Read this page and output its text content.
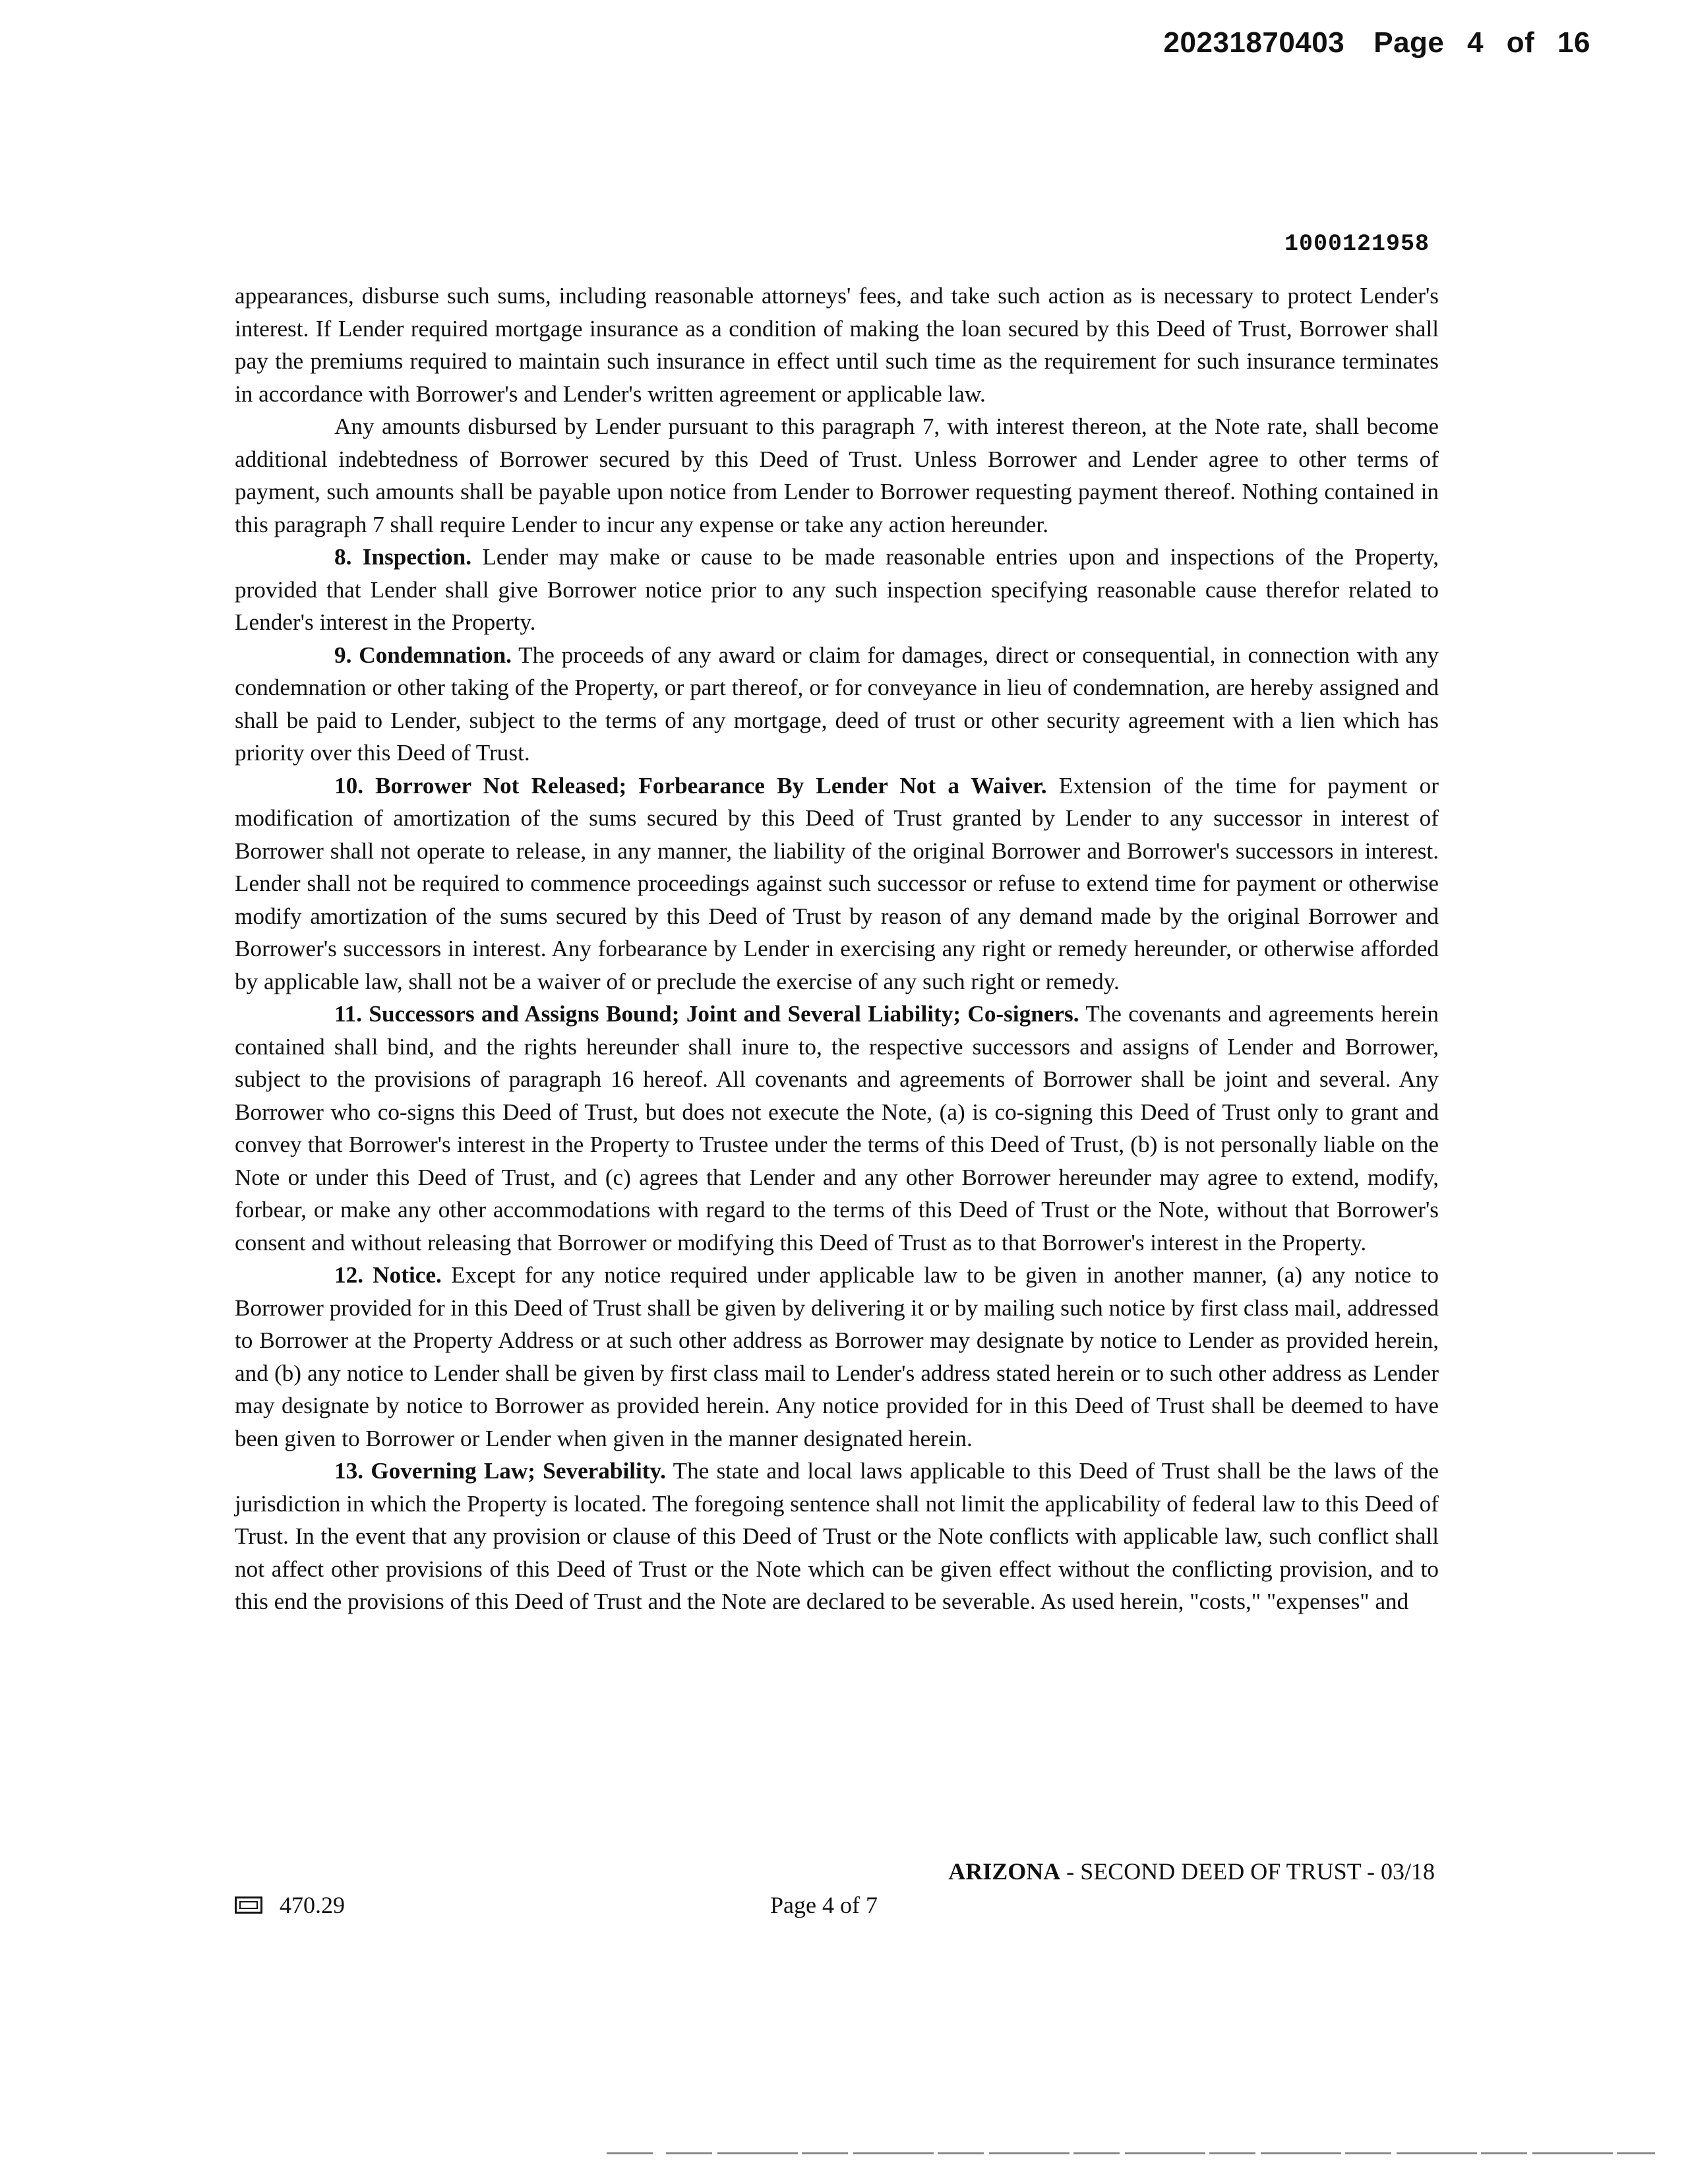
20231870403 Page 4 of 16
1000121958

appearances, disburse such sums, including reasonable attorneys' fees, and take such action as is necessary to protect Lender's interest. If Lender required mortgage insurance as a condition of making the loan secured by this Deed of Trust, Borrower shall pay the premiums required to maintain such insurance in effect until such time as the requirement for such insurance terminates in accordance with Borrower's and Lender's written agreement or applicable law.

Any amounts disbursed by Lender pursuant to this paragraph 7, with interest thereon, at the Note rate, shall become additional indebtedness of Borrower secured by this Deed of Trust. Unless Borrower and Lender agree to other terms of payment, such amounts shall be payable upon notice from Lender to Borrower requesting payment thereof. Nothing contained in this paragraph 7 shall require Lender to incur any expense or take any action hereunder.

8. Inspection. Lender may make or cause to be made reasonable entries upon and inspections of the Property, provided that Lender shall give Borrower notice prior to any such inspection specifying reasonable cause therefor related to Lender's interest in the Property.

9. Condemnation. The proceeds of any award or claim for damages, direct or consequential, in connection with any condemnation or other taking of the Property, or part thereof, or for conveyance in lieu of condemnation, are hereby assigned and shall be paid to Lender, subject to the terms of any mortgage, deed of trust or other security agreement with a lien which has priority over this Deed of Trust.

10. Borrower Not Released; Forbearance By Lender Not a Waiver. Extension of the time for payment or modification of amortization of the sums secured by this Deed of Trust granted by Lender to any successor in interest of Borrower shall not operate to release, in any manner, the liability of the original Borrower and Borrower's successors in interest. Lender shall not be required to commence proceedings against such successor or refuse to extend time for payment or otherwise modify amortization of the sums secured by this Deed of Trust by reason of any demand made by the original Borrower and Borrower's successors in interest. Any forbearance by Lender in exercising any right or remedy hereunder, or otherwise afforded by applicable law, shall not be a waiver of or preclude the exercise of any such right or remedy.

11. Successors and Assigns Bound; Joint and Several Liability; Co-signers. The covenants and agreements herein contained shall bind, and the rights hereunder shall inure to, the respective successors and assigns of Lender and Borrower, subject to the provisions of paragraph 16 hereof. All covenants and agreements of Borrower shall be joint and several. Any Borrower who co-signs this Deed of Trust, but does not execute the Note, (a) is co-signing this Deed of Trust only to grant and convey that Borrower's interest in the Property to Trustee under the terms of this Deed of Trust, (b) is not personally liable on the Note or under this Deed of Trust, and (c) agrees that Lender and any other Borrower hereunder may agree to extend, modify, forbear, or make any other accommodations with regard to the terms of this Deed of Trust or the Note, without that Borrower's consent and without releasing that Borrower or modifying this Deed of Trust as to that Borrower's interest in the Property.

12. Notice. Except for any notice required under applicable law to be given in another manner, (a) any notice to Borrower provided for in this Deed of Trust shall be given by delivering it or by mailing such notice by first class mail, addressed to Borrower at the Property Address or at such other address as Borrower may designate by notice to Lender as provided herein, and (b) any notice to Lender shall be given by first class mail to Lender's address stated herein or to such other address as Lender may designate by notice to Borrower as provided herein. Any notice provided for in this Deed of Trust shall be deemed to have been given to Borrower or Lender when given in the manner designated herein.

13. Governing Law; Severability. The state and local laws applicable to this Deed of Trust shall be the laws of the jurisdiction in which the Property is located. The foregoing sentence shall not limit the applicability of federal law to this Deed of Trust. In the event that any provision or clause of this Deed of Trust or the Note conflicts with applicable law, such conflict shall not affect other provisions of this Deed of Trust or the Note which can be given effect without the conflicting provision, and to this end the provisions of this Deed of Trust and the Note are declared to be severable. As used herein, "costs," "expenses" and

ARIZONA - SECOND DEED OF TRUST - 03/18
470.29	Page 4 of 7
